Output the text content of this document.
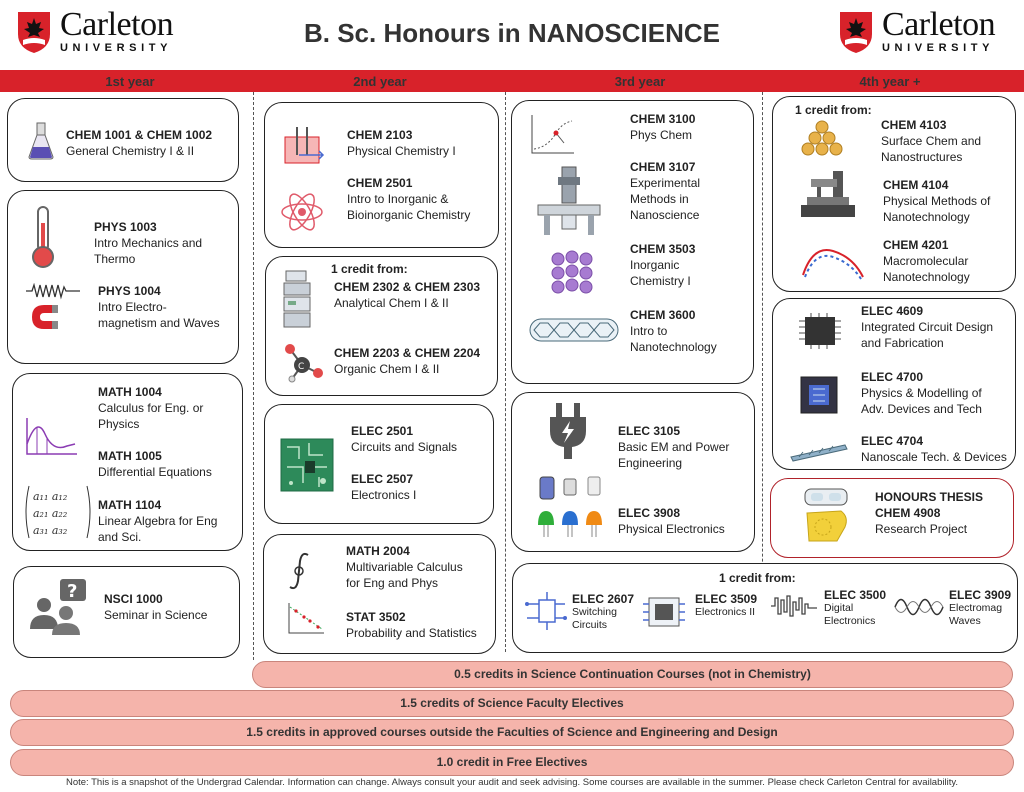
Carleton
UNIVERSITY
Carleton
UNIVERSITY
B. Sc. Honours in NANOSCIENCE
1st year	2nd year	3rd year	4th year +
CHEM 1001 & CHEM 1002
General Chemistry I & II
PHYS 1003
Intro Mechanics and
Thermo
PHYS 1004
Intro Electro-
magnetism and Waves
MATH 1004
Calculus for Eng. or
Physics
MATH 1005
Differential Equations
a₁₁ a₁₂
a₂₁ a₂₂
a₃₁ a₃₂
MATH 1104
Linear Algebra for Eng
and Sci.
? NSCI 1000
Seminar in Science
CHEM 2103
Physical Chemistry I
CHEM 2501
Intro to Inorganic &
Bioinorganic Chemistry
1 credit from:
CHEM 2302 & CHEM 2303
Analytical Chem I & II
C
CHEM 2203 & CHEM 2204
Organic Chem I & II
ELEC 2501
Circuits and Signals
ELEC 2507
Electronics I
MATH 2004
Multivariable Calculus
for Eng and Phys
STAT 3502
Probability and Statistics
CHEM 3100
Phys Chem
CHEM 3107
Experimental
Methods in
Nanoscience
CHEM 3503
Inorganic
Chemistry I
CHEM 3600
Intro to
Nanotechnology
ELEC 3105
Basic EM and Power
Engineering
ELEC 3908
Physical Electronics
1 credit from:
ELEC 2607
Switching
Circuits
ELEC 3509
Electronics II
ELEC 3500
Digital
Electronics
ELEC 3909
Electromag
Waves
1 credit from:
CHEM 4103
Surface Chem and
Nanostructures
CHEM 4104
Physical Methods of
Nanotechnology
CHEM 4201
Macromolecular
Nanotechnology
ELEC 4609
Integrated Circuit Design
and Fabrication
ELEC 4700
Physics & Modelling of
Adv. Devices and Tech
ELEC 4704
Nanoscale Tech. & Devices
HONOURS THESIS
CHEM 4908
Research Project
0.5 credits in Science Continuation Courses (not in Chemistry)
1.5 credits of Science Faculty Electives
1.5 credits in approved courses outside the Faculties of Science and Engineering and Design
1.0 credit in Free Electives
Note: This is a snapshot of the Undergrad Calendar. Information can change. Always consult your audit and seek advising. Some courses are available in the summer. Please check Carleton Central for availability.
